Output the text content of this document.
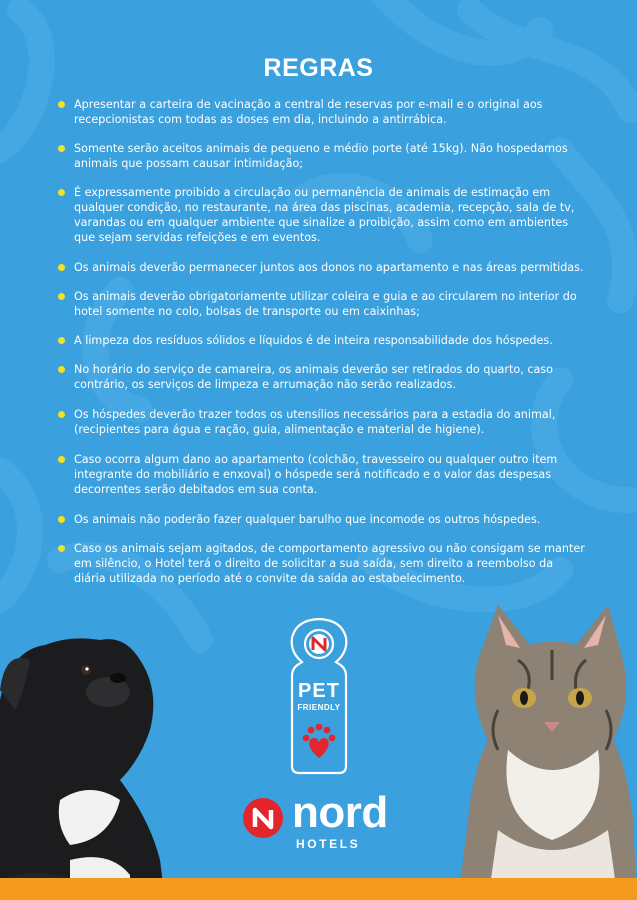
REGRAS
Apresentar a carteira de vacinação a central de reservas por e-mail e o original aos recepcionistas com todas as doses em dia, incluindo a antirrábica.
Somente serão aceitos animais de pequeno e médio porte (até 15kg). Não hospedamos animais que possam causar intimidação;
É expressamente proibido a circulação ou permanência de animais de estimação em qualquer condição, no restaurante, na área das piscinas, academia, recepção, sala de tv, varandas ou em qualquer ambiente que sinalize a proibição, assim como em ambientes que sejam servidas refeições e em eventos.
Os animais deverão permanecer juntos aos donos no apartamento e nas áreas permitidas.
Os animais deverão obrigatoriamente utilizar coleira e guia e ao circularem no interior do hotel somente no colo, bolsas de transporte ou em caixinhas;
A limpeza dos resíduos sólidos e líquidos é de inteira responsabilidade dos hóspedes.
No horário do serviço de camareira, os animais deverão ser retirados do quarto, caso contrário, os serviços de limpeza e arrumação não serão realizados.
Os hóspedes deverão trazer todos os utensílios necessários para a estadia do animal, (recipientes para água e ração, guia, alimentação e material de higiene).
Caso ocorra algum dano ao apartamento (colchão, travesseiro ou qualquer outro item integrante do mobiliário e enxoval) o hóspede será notificado e o valor das despesas decorrentes serão debitados em sua conta.
Os animais não poderão fazer qualquer barulho que incomode os outros hóspedes.
Caso os animais sejam agitados, de comportamento agressivo ou não consigam se manter em silêncio, o Hotel terá o direito de solicitar a sua saída, sem direito a reembolso da diária utilizada no período até o convite da saída ao estabelecimento.
PET
FRIENDLY
nord
HOTELS
